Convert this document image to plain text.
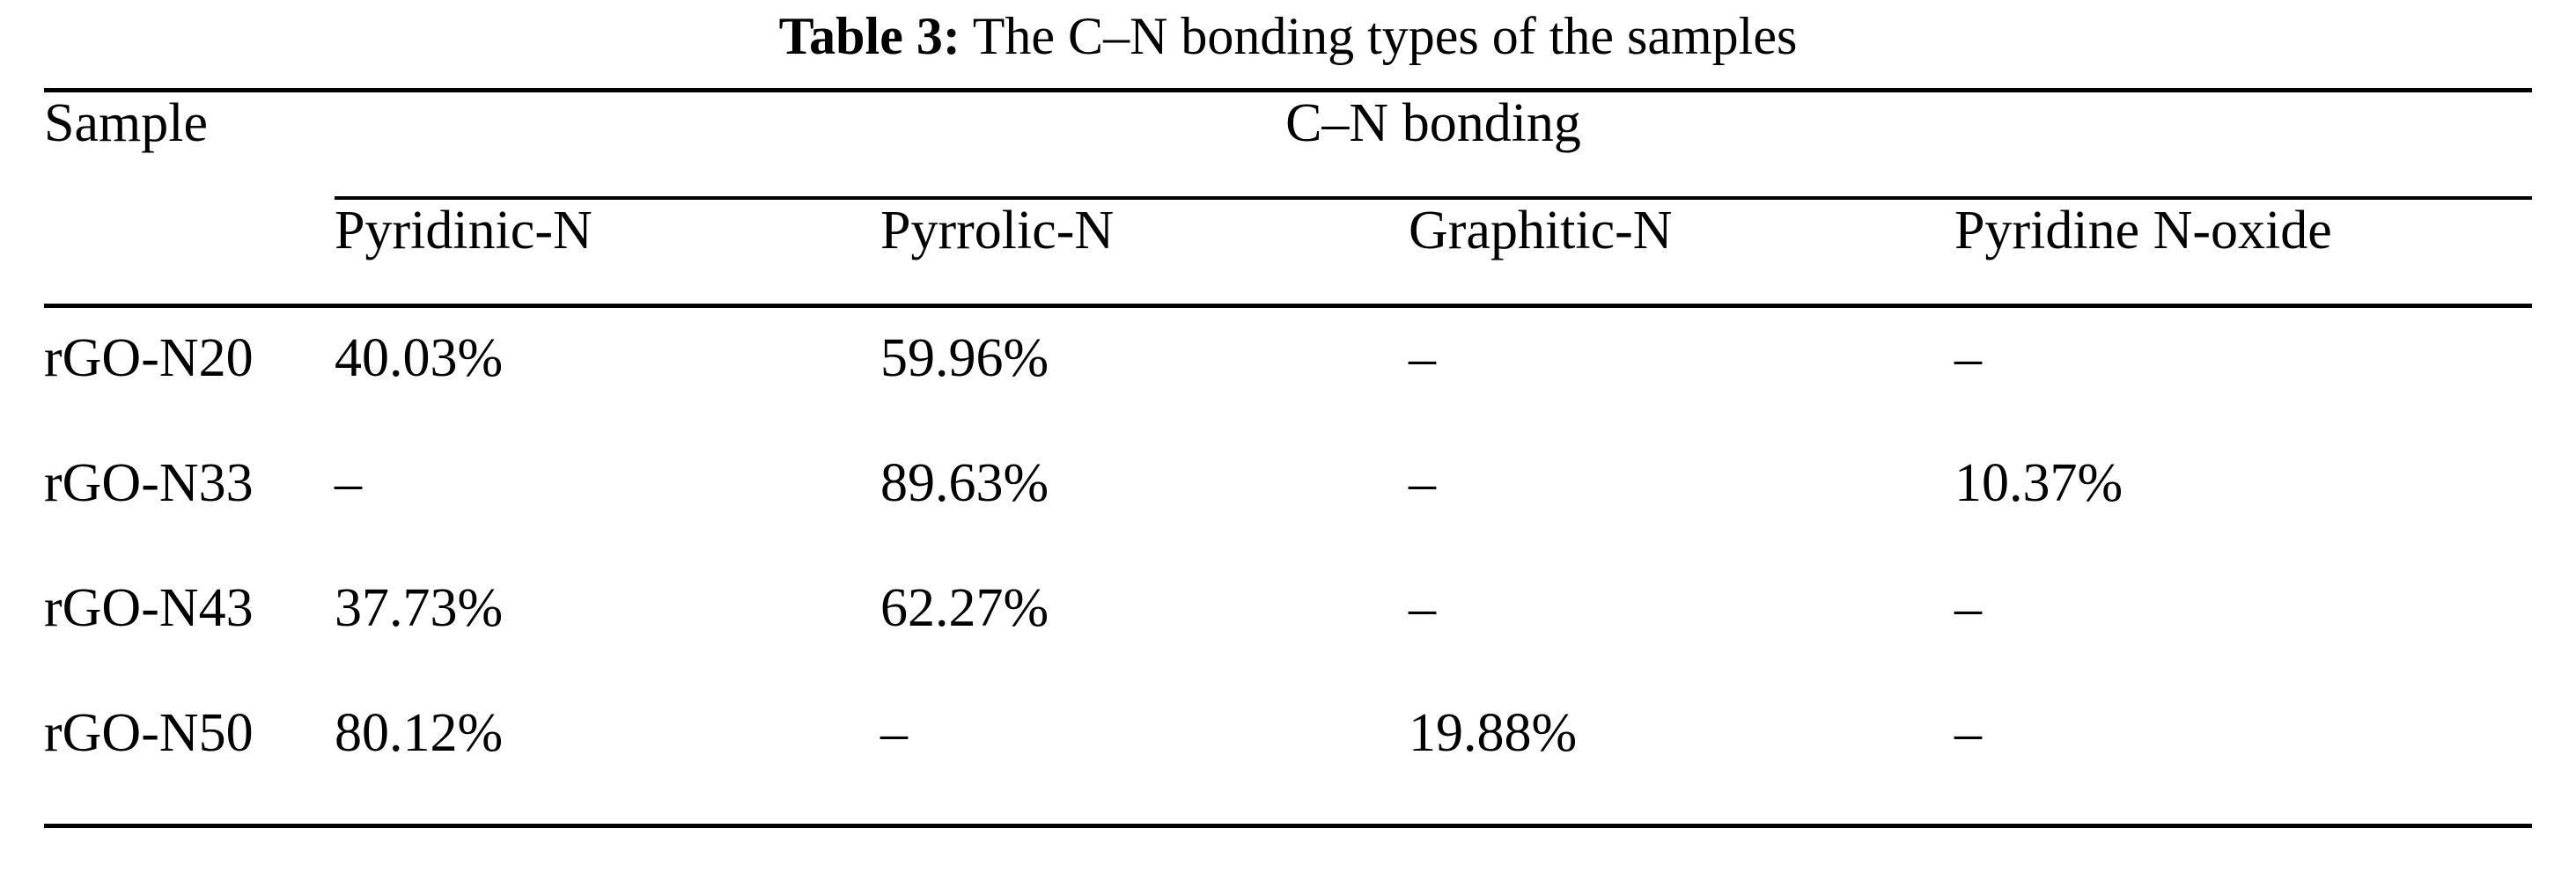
Table 3: The C–N bonding types of the samples
Sample	C–N bonding			

	Pyridinic-N	Pyrrolic-N	Graphitic-N	Pyridine N-oxide
rGO-N20	40.03%	59.96%	–	–
rGO-N33	–	89.63%	–	10.37%
rGO-N43	37.73%	62.27%	–	–
rGO-N50	80.12%	–	19.88%	–
